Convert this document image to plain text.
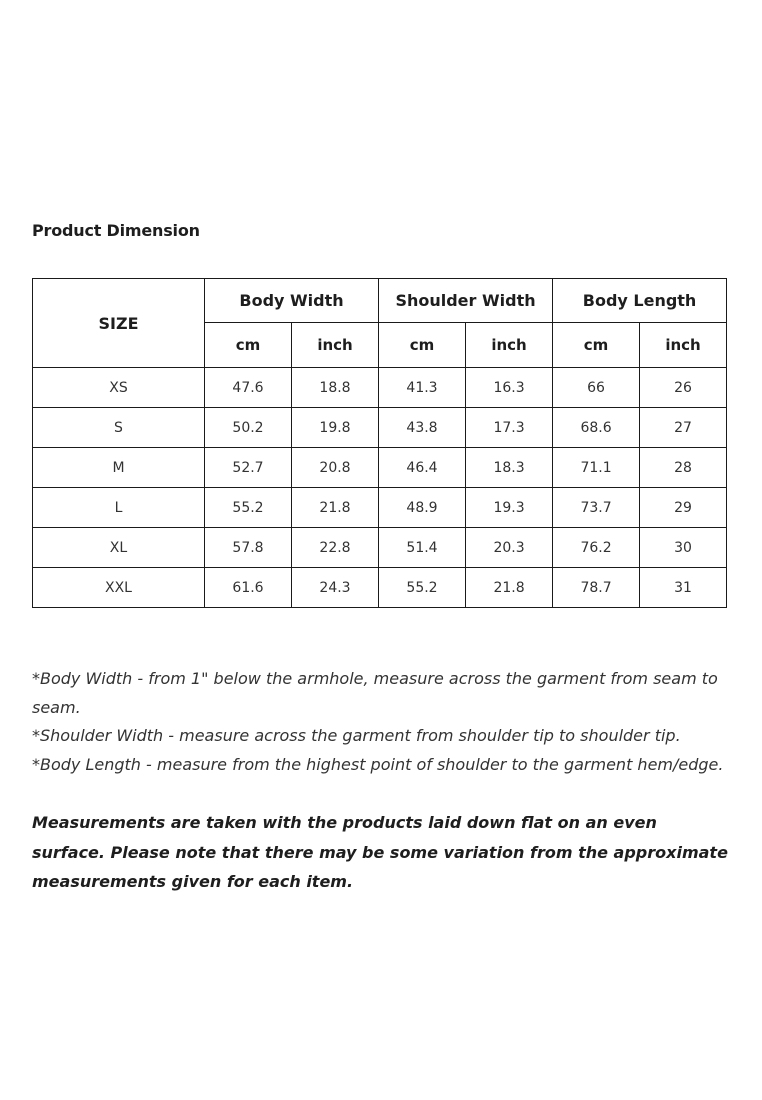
Product Dimension
SIZE	Body Width		Shoulder Width		Body Length	
	cm	inch	cm	inch	cm	inch
XS	47.6	18.8	41.3	16.3	66	26
S	50.2	19.8	43.8	17.3	68.6	27
M	52.7	20.8	46.4	18.3	71.1	28
L	55.2	21.8	48.9	19.3	73.7	29
XL	57.8	22.8	51.4	20.3	76.2	30
XXL	61.6	24.3	55.2	21.8	78.7	31

*Body Width - from 1" below the armhole, measure across the garment from seam to seam.

*Shoulder Width - measure across the garment from shoulder tip to shoulder tip.

*Body Length - measure from the highest point of shoulder to the garment hem/edge.

Measurements are taken with the products laid down flat on an even surface. Please note that there may be some variation from the approximate measurements given for each item.
